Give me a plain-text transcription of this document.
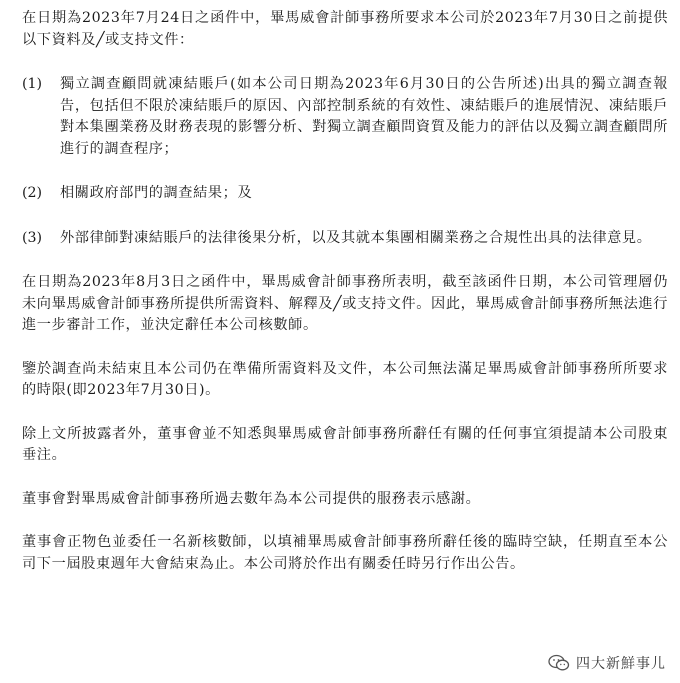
在日期為2023年7月24日之函件中，畢馬威會計師事務所要求本公司於2023年7月30日之前提供以下資料及╱或支持文件：

(1)	獨立調查顧問就凍結賬戶(如本公司日期為2023年6月30日的公告所述)出具的獨立調查報告，包括但不限於凍結賬戶的原因、內部控制系統的有效性、凍結賬戶的進展情況、凍結賬戶對本集團業務及財務表現的影響分析、對獨立調查顧問資質及能力的評估以及獨立調查顧問所進行的調查程序；
(2)	相關政府部門的調查結果；及
(3)	外部律師對凍結賬戶的法律後果分析，以及其就本集團相關業務之合規性出具的法律意見。

在日期為2023年8月3日之函件中，畢馬威會計師事務所表明，截至該函件日期，本公司管理層仍未向畢馬威會計師事務所提供所需資料、解釋及╱或支持文件。因此，畢馬威會計師事務所無法進行進一步審計工作，並決定辭任本公司核數師。

鑒於調查尚未結束且本公司仍在準備所需資料及文件，本公司無法滿足畢馬威會計師事務所所要求的時限(即2023年7月30日)。

除上文所披露者外，董事會並不知悉與畢馬威會計師事務所辭任有關的任何事宜須提請本公司股東垂注。

董事會對畢馬威會計師事務所過去數年為本公司提供的服務表示感謝。

董事會正物色並委任一名新核數師，以填補畢馬威會計師事務所辭任後的臨時空缺，任期直至本公司下一屆股東週年大會結束為止。本公司將於作出有關委任時另行作出公告。

四大新鮮事儿
